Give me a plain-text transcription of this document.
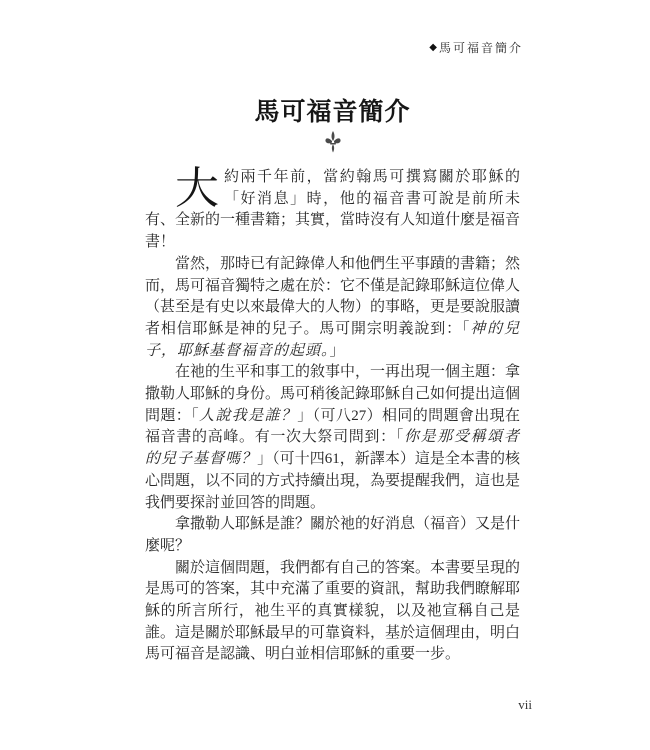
◆ 馬可福音簡介
馬可福音簡介

大約兩千年前，當約翰馬可撰寫關於耶穌的「好消息」時，他的福音書可說是前所未有、全新的一種書籍；其實，當時沒有人知道什麼是福音書！

當然，那時已有記錄偉人和他們生平事蹟的書籍；然而，馬可福音獨特之處在於：它不僅是記錄耶穌這位偉人（甚至是有史以來最偉大的人物）的事略，更是要說服讀者相信耶穌是神的兒子。馬可開宗明義說到：「神的兒子，耶穌基督福音的起頭。」

在祂的生平和事工的敘事中，一再出現一個主題：拿撒勒人耶穌的身份。馬可稍後記錄耶穌自己如何提出這個問題：「人說我是誰？」（可八27）相同的問題會出現在福音書的高峰。有一次大祭司問到：「你是那受稱頌者的兒子基督嗎？」（可十四61，新譯本）這是全本書的核心問題，以不同的方式持續出現，為要提醒我們，這也是我們要探討並回答的問題。

拿撒勒人耶穌是誰？關於祂的好消息（福音）又是什麼呢？

關於這個問題，我們都有自己的答案。本書要呈現的是馬可的答案，其中充滿了重要的資訊，幫助我們瞭解耶穌的所言所行，祂生平的真實樣貌，以及祂宣稱自己是誰。這是關於耶穌最早的可靠資料，基於這個理由，明白馬可福音是認識、明白並相信耶穌的重要一步。

vii
